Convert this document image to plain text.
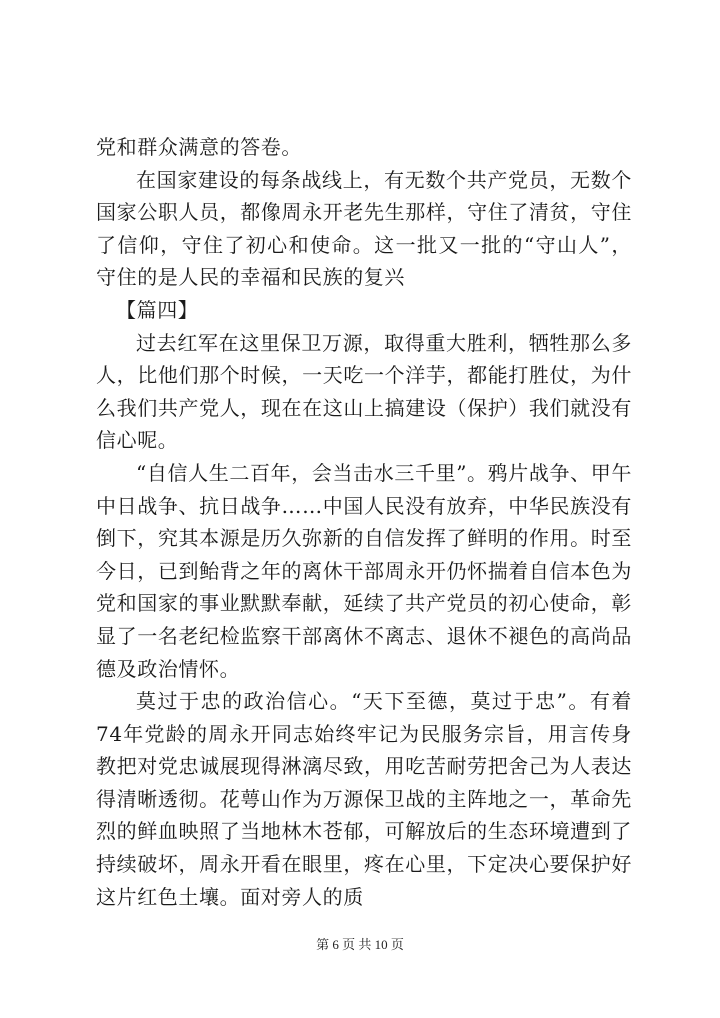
党和群众满意的答卷。

在国家建设的每条战线上，有无数个共产党员，无数个国家公职人员，都像周永开老先生那样，守住了清贫，守住了信仰，守住了初心和使命。这一批又一批的“守山人”，守住的是人民的幸福和民族的复兴

【篇四】

过去红军在这里保卫万源，取得重大胜利，牺牲那么多人，比他们那个时候，一天吃一个洋芋，都能打胜仗，为什么我们共产党人，现在在这山上搞建设（保护）我们就没有信心呢。

“自信人生二百年，会当击水三千里”。鸦片战争、甲午中日战争、抗日战争……中国人民没有放弃，中华民族没有倒下，究其本源是历久弥新的自信发挥了鲜明的作用。时至今日，已到鲐背之年的离休干部周永开仍怀揣着自信本色为党和国家的事业默默奉献，延续了共产党员的初心使命，彰显了一名老纪检监察干部离休不离志、退休不褪色的高尚品德及政治情怀。

莫过于忠的政治信心。“天下至德，莫过于忠”。有着74年党龄的周永开同志始终牢记为民服务宗旨，用言传身教把对党忠诚展现得淋漓尽致，用吃苦耐劳把舍己为人表达得清晰透彻。花萼山作为万源保卫战的主阵地之一，革命先烈的鲜血映照了当地林木苍郁，可解放后的生态环境遭到了持续破坏，周永开看在眼里，疼在心里，下定决心要保护好这片红色土壤。面对旁人的质

第 6 页 共 10 页
